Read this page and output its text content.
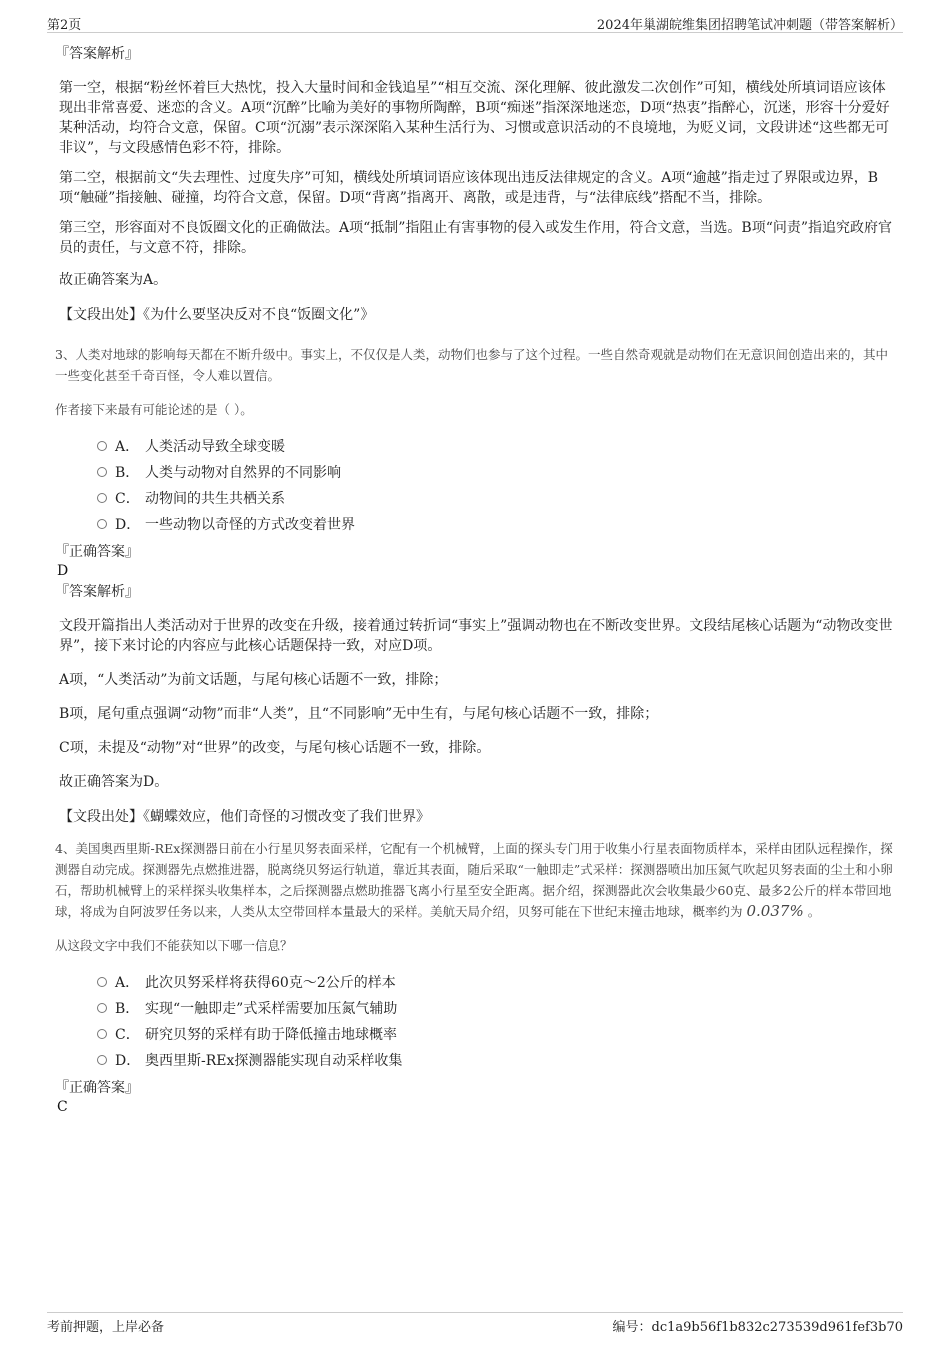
第2页	2024年巢湖皖维集团招聘笔试冲刺题（带答案解析）

『答案解析』

第一空，根据“粉丝怀着巨大热忱，投入大量时间和金钱追星”“相互交流、深化理解、彼此激发二次创作”可知，横线处所填词语应该体现出非常喜爱、迷恋的含义。A项“沉醉”比喻为美好的事物所陶醉，B项“痴迷”指深深地迷恋，D项“热衷”指醉心，沉迷，形容十分爱好某种活动，均符合文意，保留。C项“沉溺”表示深深陷入某种生活行为、习惯或意识活动的不良境地，为贬义词，文段讲述“这些都无可非议”，与文段感情色彩不符，排除。

第二空，根据前文“失去理性、过度失序”可知，横线处所填词语应该体现出违反法律规定的含义。A项“逾越”指走过了界限或边界，B项“触碰”指接触、碰撞，均符合文意，保留。D项“背离”指离开、离散，或是违背，与“法律底线”搭配不当，排除。

第三空，形容面对不良饭圈文化的正确做法。A项“抵制”指阻止有害事物的侵入或发生作用，符合文意，当选。B项“问责”指追究政府官员的责任，与文意不符，排除。

故正确答案为A。

【文段出处】《为什么要坚决反对不良“饭圈文化”》

3、人类对地球的影响每天都在不断升级中。事实上，不仅仅是人类，动物们也参与了这个过程。一些自然奇观就是动物们在无意识间创造出来的，其中一些变化甚至千奇百怪，令人难以置信。

作者接下来最有可能论述的是（ ）。

A． 人类活动导致全球变暖
B． 人类与动物对自然界的不同影响
C． 动物间的共生共栖关系
D． 一些动物以奇怪的方式改变着世界

『正确答案』

D

『答案解析』

文段开篇指出人类活动对于世界的改变在升级，接着通过转折词“事实上”强调动物也在不断改变世界。文段结尾核心话题为“动物改变世界”，接下来讨论的内容应与此核心话题保持一致，对应D项。

A项，“人类活动”为前文话题，与尾句核心话题不一致，排除；

B项，尾句重点强调“动物”而非“人类”，且“不同影响”无中生有，与尾句核心话题不一致，排除；

C项，未提及“动物”对“世界”的改变，与尾句核心话题不一致，排除。

故正确答案为D。

【文段出处】《蝴蝶效应，他们奇怪的习惯改变了我们世界》

4、美国奥西里斯-REx探测器日前在小行星贝努表面采样，它配有一个机械臂，上面的探头专门用于收集小行星表面物质样本，采样由团队远程操作，探测器自动完成。探测器先点燃推进器，脱离绕贝努运行轨道，靠近其表面，随后采取“一触即走”式采样：探测器喷出加压氮气吹起贝努表面的尘土和小卵石，帮助机械臂上的采样探头收集样本，之后探测器点燃助推器飞离小行星至安全距离。据介绍，探测器此次会收集最少60克、最多2公斤的样本带回地球，将成为自阿波罗任务以来，人类从太空带回样本量最大的采样。美航天局介绍，贝努可能在下世纪末撞击地球，概率约为 0.037% 。

从这段文字中我们不能获知以下哪一信息？

A． 此次贝努采样将获得60克～2公斤的样本
B． 实现“一触即走”式采样需要加压氮气辅助
C． 研究贝努的采样有助于降低撞击地球概率
D． 奥西里斯-REx探测器能实现自动采样收集

『正确答案』

C

考前押题，上岸必备	编号：dc1a9b56f1b832c273539d961fef3b70
